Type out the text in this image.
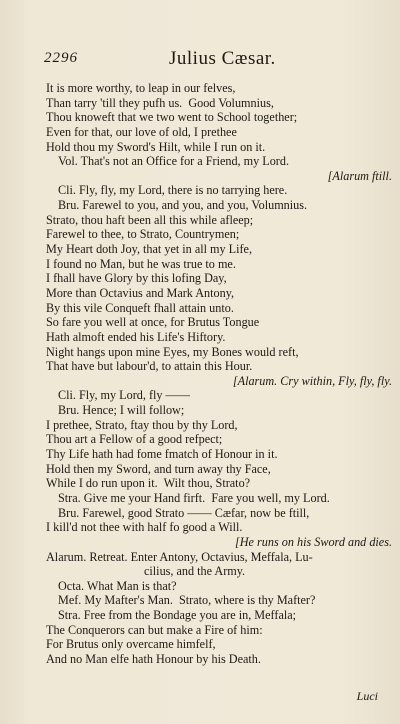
2296	Julius Cæsar.
It is more worthy, to leap in our felves,
Than tarry 'till they pufh us.  Good Volumnius,
Thou knoweft that we two went to School together;
Even for that, our love of old, I prethee
Hold thou my Sword's Hilt, while I run on it.
Vol. That's not an Office for a Friend, my Lord.
[Alarum ftill.
Cli. Fly, fly, my Lord, there is no tarrying here.
Bru. Farewel to you, and you, and you, Volumnius.
Strato, thou haft been all this while afleep;
Farewel to thee, to Strato, Countrymen;
My Heart doth Joy, that yet in all my Life,
I found no Man, but he was true to me.
I fhall have Glory by this lofing Day,
More than Octavius and Mark Antony,
By this vile Conqueft fhall attain unto.
So fare you well at once, for Brutus Tongue
Hath almoft ended his Life's Hiftory.
Night hangs upon mine Eyes, my Bones would reft,
That have but labour'd, to attain this Hour.
[Alarum. Cry within, Fly, fly, fly.
Cli. Fly, my Lord, fly ——
Bru. Hence; I will follow;
I prethee, Strato, ftay thou by thy Lord,
Thou art a Fellow of a good refpect;
Thy Life hath had fome fmatch of Honour in it.
Hold then my Sword, and turn away thy Face,
While I do run upon it.  Wilt thou, Strato?
Stra. Give me your Hand firft.  Fare you well, my Lord.
Bru. Farewel, good Strato —— Cæfar, now be ftill,
I kill'd not thee with half fo good a Will.
[He runs on his Sword and dies.
Alarum. Retreat. Enter Antony, Octavius, Meffala, Lu-
cilius, and the Army.
Octa. What Man is that?
Mef. My Mafter's Man.  Strato, where is thy Mafter?
Stra. Free from the Bondage you are in, Meffala;
The Conquerors can but make a Fire of him:
For Brutus only overcame himfelf,
And no Man elfe hath Honour by his Death.
Luci
